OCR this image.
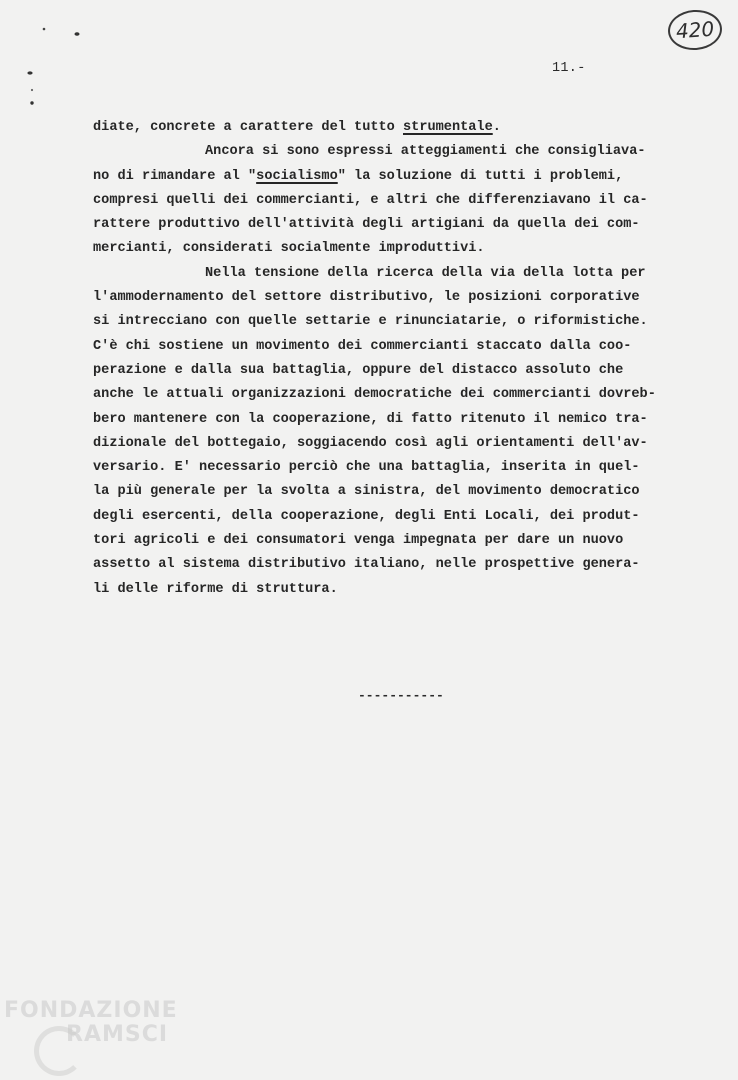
420
11.-
diate, concrete a carattere del tutto strumentale.
Ancora si sono espressi atteggiamenti che consigliava-
no di rimandare al "socialismo" la soluzione di tutti i problemi,
compresi quelli dei commercianti, e altri che differenziavano il ca-
rattere produttivo dell'attività degli artigiani da quella dei com-
mercianti, considerati socialmente improduttivi.
Nella tensione della ricerca della via della lotta per
l'ammodernamento del settore distributivo, le posizioni corporative
si intrecciano con quelle settarie e rinunciatarie, o riformistiche.
C'è chi sostiene un movimento dei commercianti staccato dalla coo-
perazione e dalla sua battaglia, oppure del distacco assoluto che
anche le attuali organizzazioni democratiche dei commercianti dovreb-
bero mantenere con la cooperazione, di fatto ritenuto il nemico tra-
dizionale del bottegaio, soggiacendo così agli orientamenti dell'av-
versario. E' necessario perciò che una battaglia, inserita in quel-
la più generale per la svolta a sinistra, del movimento democratico
degli esercenti, della cooperazione, degli Enti Locali, dei produt-
tori agricoli e dei consumatori venga impegnata per dare un nuovo
assetto al sistema distributivo italiano, nelle prospettive genera-
li delle riforme di struttura.
-----------
FONDAZIONE
RAMSCI
